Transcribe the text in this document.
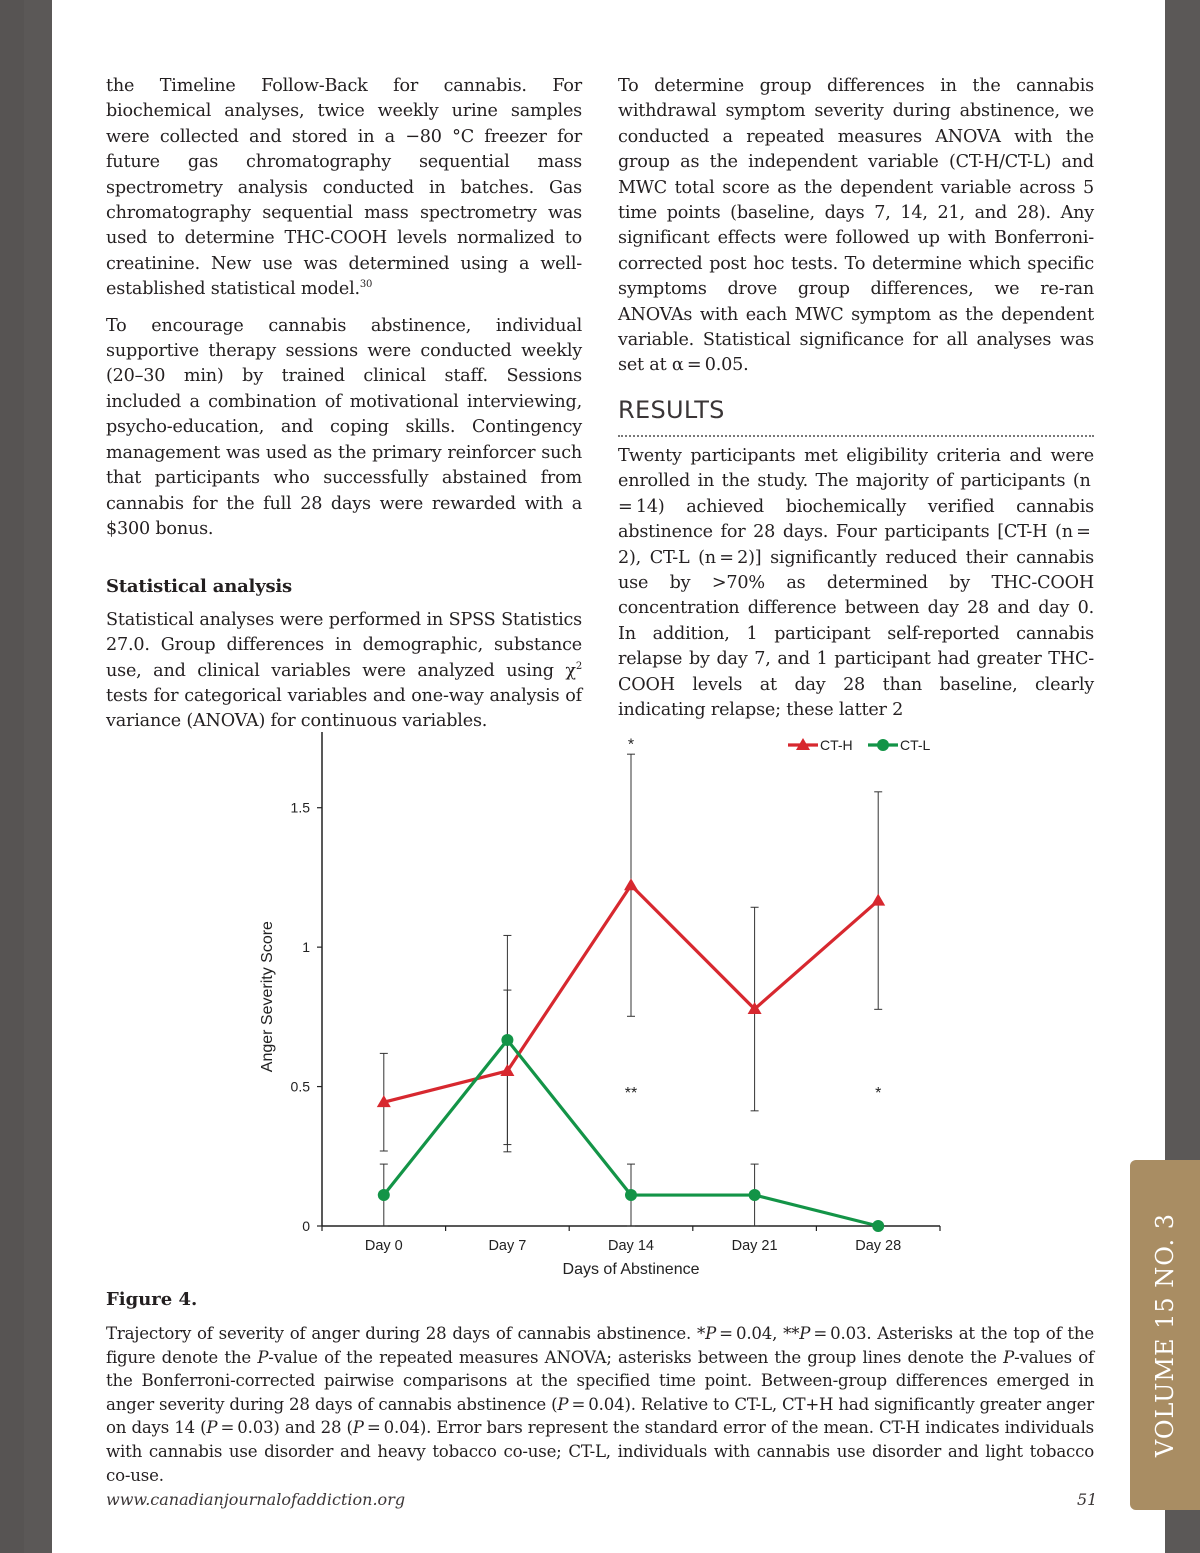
the Timeline Follow-Back for cannabis. For biochemical analyses, twice weekly urine samples were collected and stored in a −80 °C freezer for future gas chromatography sequential mass spectrometry analysis conducted in batches. Gas chromatography sequential mass spectrometry was used to determine THC-COOH levels normalized to creatinine. New use was determined using a well-established statistical model.$^{30}$

To encourage cannabis abstinence, individual supportive therapy sessions were conducted weekly (20–30 min) by trained clinical staff. Sessions included a combination of motivational interviewing, psycho-education, and coping skills. Contingency management was used as the primary reinforcer such that participants who successfully abstained from cannabis for the full 28 days were rewarded with a $300 bonus.

Statistical analysis

Statistical analyses were performed in SPSS Statistics 27.0. Group differences in demographic, substance use, and clinical variables were analyzed using $\chi^2$ tests for categorical variables and one-way analysis of variance (ANOVA) for continuous variables.

To determine group differences in the cannabis withdrawal symptom severity during abstinence, we conducted a repeated measures ANOVA with the group as the independent variable (CT-H/CT-L) and MWC total score as the dependent variable across 5 time points (baseline, days 7, 14, 21, and 28). Any significant effects were followed up with Bonferroni-corrected post hoc tests. To determine which specific symptoms drove group differences, we re-ran ANOVAs with each MWC symptom as the dependent variable. Statistical significance for all analyses was set at α = 0.05.

RESULTS
Twenty participants met eligibility criteria and were enrolled in the study. The majority of participants (n = 14) achieved biochemically verified cannabis abstinence for 28 days. Four participants [CT-H (n = 2), CT-L (n = 2)] significantly reduced their cannabis use by >70% as determined by THC-COOH concentration difference between day 28 and day 0. In addition, 1 participant self-reported cannabis relapse by day 7, and 1 participant had greater THC-COOH levels at day 28 than baseline, clearly indicating relapse; these latter 2
0
0.5
1
1.5
Day 0	Day 7	Day 14	Day 21	Day 28
Days of Abstinence
Anger Severity Score
*
**	*
CT-H	CT-L
Figure 4.
Trajectory of severity of anger during 28 days of cannabis abstinence. *P = 0.04, **P = 0.03. Asterisks at the top of the figure denote the P-value of the repeated measures ANOVA; asterisks between the group lines denote the P-values of the Bonferroni-corrected pairwise comparisons at the specified time point. Between-group differences emerged in anger severity during 28 days of cannabis abstinence (P = 0.04). Relative to CT-L, CT+H had significantly greater anger on days 14 (P = 0.03) and 28 (P = 0.04). Error bars represent the standard error of the mean. CT-H indicates individuals with cannabis use disorder and heavy tobacco co-use; CT-L, individuals with cannabis use disorder and light tobacco co-use.
www.canadianjournalofaddiction.org	51
VOLUME 15 NO. 3
